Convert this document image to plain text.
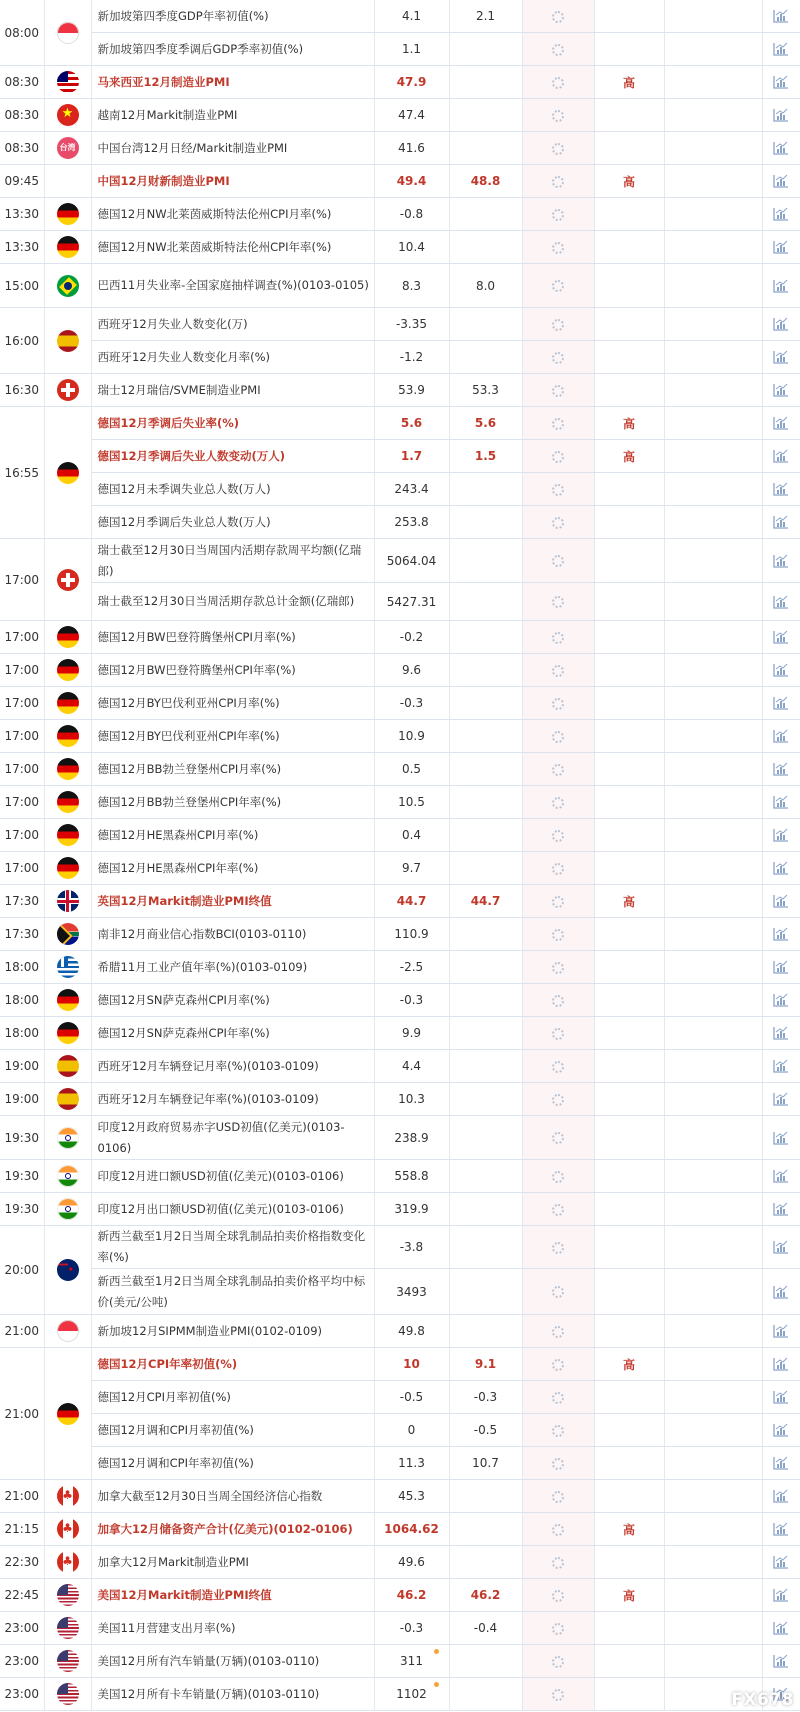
08:00		新加坡第四季度GDP年率初值(%)	4.1	2.1				
		新加坡第四季度季调后GDP季率初值(%)	1.1					
08:30		马来西亚12月制造业PMI	47.9			高		
08:30	★	越南12月Markit制造业PMI	47.4					
08:30	台湾	中国台湾12月日经/Markit制造业PMI	41.6					
09:45		中国12月财新制造业PMI	49.4	48.8		高		
13:30		德国12月NW北莱茵威斯特法伦州CPI月率(%)	-0.8					
13:30		德国12月NW北莱茵威斯特法伦州CPI年率(%)	10.4					
15:00		巴西11月失业率-全国家庭抽样调查(%)(0103-0105)	8.3	8.0				
16:00		西班牙12月失业人数变化(万)	-3.35					
		西班牙12月失业人数变化月率(%)	-1.2					
16:30		瑞士12月瑞信/SVME制造业PMI	53.9	53.3				
16:55		德国12月季调后失业率(%)	5.6	5.6		高		
		德国12月季调后失业人数变动(万人)	1.7	1.5		高		
		德国12月未季调失业总人数(万人)	243.4					
		德国12月季调后失业总人数(万人)	253.8					
17:00		瑞士截至12月30日当周国内活期存款周平均额(亿瑞郎)	5064.04					
		瑞士截至12月30日当周活期存款总计金额(亿瑞郎)	5427.31					
17:00		德国12月BW巴登符腾堡州CPI月率(%)	-0.2					
17:00		德国12月BW巴登符腾堡州CPI年率(%)	9.6					
17:00		德国12月BY巴伐利亚州CPI月率(%)	-0.3					
17:00		德国12月BY巴伐利亚州CPI年率(%)	10.9					
17:00		德国12月BB勃兰登堡州CPI月率(%)	0.5					
17:00		德国12月BB勃兰登堡州CPI年率(%)	10.5					
17:00		德国12月HE黑森州CPI月率(%)	0.4					
17:00		德国12月HE黑森州CPI年率(%)	9.7					
17:30		英国12月Markit制造业PMI终值	44.7	44.7		高		
17:30		南非12月商业信心指数BCI(0103-0110)	110.9					
18:00		希腊11月工业产值年率(%)(0103-0109)	-2.5					
18:00		德国12月SN萨克森州CPI月率(%)	-0.3					
18:00		德国12月SN萨克森州CPI年率(%)	9.9					
19:00		西班牙12月车辆登记月率(%)(0103-0109)	4.4					
19:00		西班牙12月车辆登记年率(%)(0103-0109)	10.3					
19:30		印度12月政府贸易赤字USD初值(亿美元)(0103-0106)	238.9					
19:30		印度12月进口额USD初值(亿美元)(0103-0106)	558.8					
19:30		印度12月出口额USD初值(亿美元)(0103-0106)	319.9					
20:00	✦	新西兰截至1月2日当周全球乳制品拍卖价格指数变化率(%)	-3.8					
		新西兰截至1月2日当周全球乳制品拍卖价格平均中标价(美元/公吨)	3493					
21:00		新加坡12月SIPMM制造业PMI(0102-0109)	49.8					
21:00		德国12月CPI年率初值(%)	10	9.1		高		
		德国12月CPI月率初值(%)	-0.5	-0.3				
		德国12月调和CPI月率初值(%)	0	-0.5				
		德国12月调和CPI年率初值(%)	11.3	10.7				
21:00	♣	加拿大截至12月30日当周全国经济信心指数	45.3					
21:15	♣	加拿大12月储备资产合计(亿美元)(0102-0106)	1064.62			高		
22:30	♣	加拿大12月Markit制造业PMI	49.6					
22:45		美国12月Markit制造业PMI终值	46.2	46.2		高		
23:00		美国11月营建支出月率(%)	-0.3	-0.4				
23:00		美国12月所有汽车销量(万辆)(0103-0110)	311

23:00		美国12月所有卡车销量(万辆)(0103-0110)	1102
						FX678
